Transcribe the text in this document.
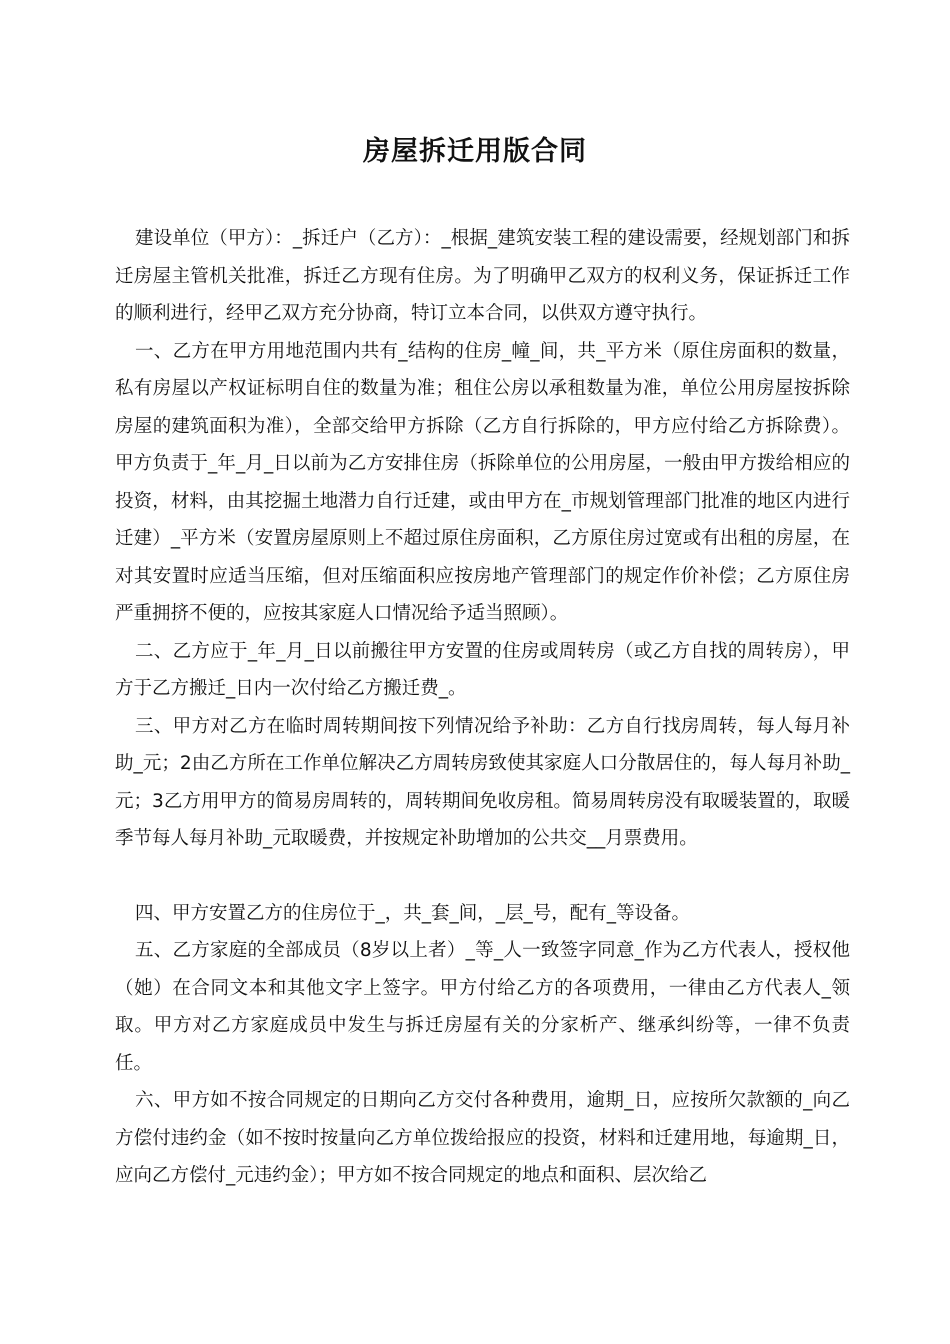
房屋拆迁用版合同

建设单位（甲方）：_拆迁户（乙方）：_根据_建筑安装工程的建设需要，经规划部门和拆迁房屋主管机关批准，拆迁乙方现有住房。为了明确甲乙双方的权利义务，保证拆迁工作的顺利进行，经甲乙双方充分协商，特订立本合同，以供双方遵守执行。

一、乙方在甲方用地范围内共有_结构的住房_幢_间，共_平方米（原住房面积的数量，私有房屋以产权证标明自住的数量为准；租住公房以承租数量为准，单位公用房屋按拆除房屋的建筑面积为准），全部交给甲方拆除（乙方自行拆除的，甲方应付给乙方拆除费）。甲方负责于_年_月_日以前为乙方安排住房（拆除单位的公用房屋，一般由甲方拨给相应的投资，材料，由其挖掘土地潜力自行迁建，或由甲方在_市规划管理部门批准的地区内进行迁建）_平方米（安置房屋原则上不超过原住房面积，乙方原住房过宽或有出租的房屋，在对其安置时应适当压缩，但对压缩面积应按房地产管理部门的规定作价补偿；乙方原住房严重拥挤不便的，应按其家庭人口情况给予适当照顾）。

二、乙方应于_年_月_日以前搬往甲方安置的住房或周转房（或乙方自找的周转房），甲方于乙方搬迁_日内一次付给乙方搬迁费_。

三、甲方对乙方在临时周转期间按下列情况给予补助：乙方自行找房周转，每人每月补助_元；2由乙方所在工作单位解决乙方周转房致使其家庭人口分散居住的，每人每月补助_元；3乙方用甲方的简易房周转的，周转期间免收房租。简易周转房没有取暖装置的，取暖季节每人每月补助_元取暖费，并按规定补助增加的公共交__月票费用。

四、甲方安置乙方的住房位于_，共_套_间，_层_号，配有_等设备。

五、乙方家庭的全部成员（8岁以上者）_等_人一致签字同意_作为乙方代表人，授权他（她）在合同文本和其他文字上签字。甲方付给乙方的各项费用，一律由乙方代表人_领取。甲方对乙方家庭成员中发生与拆迁房屋有关的分家析产、继承纠纷等，一律不负责任。

六、甲方如不按合同规定的日期向乙方交付各种费用，逾期_日，应按所欠款额的_向乙方偿付违约金（如不按时按量向乙方单位拨给报应的投资，材料和迁建用地，每逾期_日，应向乙方偿付_元违约金）；甲方如不按合同规定的地点和面积、层次给乙
